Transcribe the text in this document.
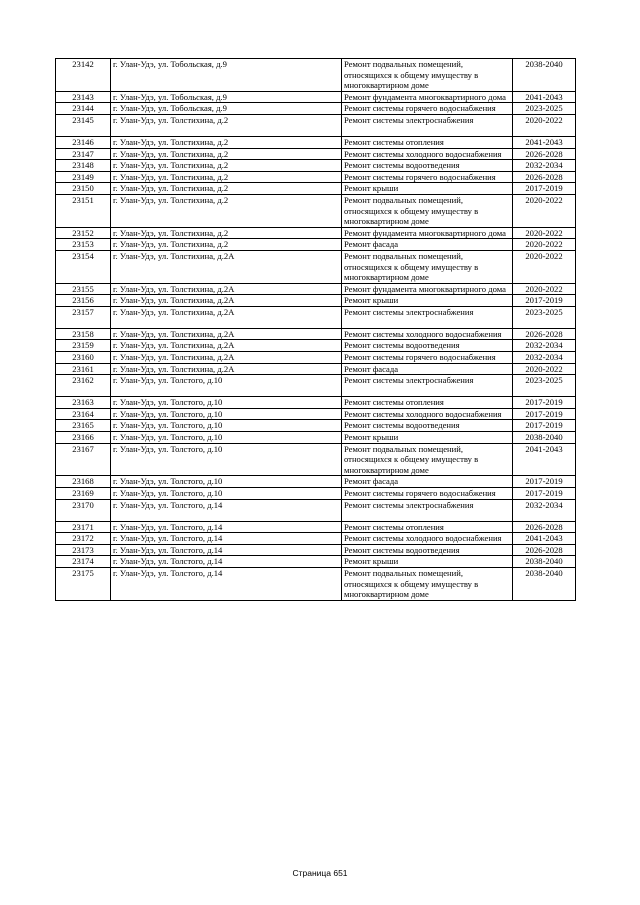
23142	г. Улан-Удэ, ул. Тобольская, д.9	Ремонт подвальных помещений, относящихся к общему имуществу в многоквартирном доме	2038-2040
23143	г. Улан-Удэ, ул. Тобольская, д.9	Ремонт фундамента многоквартирного дома	2041-2043
23144	г. Улан-Удэ, ул. Тобольская, д.9	Ремонт системы горячего водоснабжения	2023-2025
23145	г. Улан-Удэ, ул. Толстихина, д.2	Ремонт системы электроснабжения	2020-2022
23146	г. Улан-Удэ, ул. Толстихина, д.2	Ремонт системы отопления	2041-2043
23147	г. Улан-Удэ, ул. Толстихина, д.2	Ремонт системы холодного водоснабжения	2026-2028
23148	г. Улан-Удэ, ул. Толстихина, д.2	Ремонт системы водоотведения	2032-2034
23149	г. Улан-Удэ, ул. Толстихина, д.2	Ремонт системы горячего водоснабжения	2026-2028
23150	г. Улан-Удэ, ул. Толстихина, д.2	Ремонт крыши	2017-2019
23151	г. Улан-Удэ, ул. Толстихина, д.2	Ремонт подвальных помещений, относящихся к общему имуществу в многоквартирном доме	2020-2022
23152	г. Улан-Удэ, ул. Толстихина, д.2	Ремонт фундамента многоквартирного дома	2020-2022
23153	г. Улан-Удэ, ул. Толстихина, д.2	Ремонт фасада	2020-2022
23154	г. Улан-Удэ, ул. Толстихина, д.2А	Ремонт подвальных помещений, относящихся к общему имуществу в многоквартирном доме	2020-2022
23155	г. Улан-Удэ, ул. Толстихина, д.2А	Ремонт фундамента многоквартирного дома	2020-2022
23156	г. Улан-Удэ, ул. Толстихина, д.2А	Ремонт крыши	2017-2019
23157	г. Улан-Удэ, ул. Толстихина, д.2А	Ремонт системы электроснабжения	2023-2025
23158	г. Улан-Удэ, ул. Толстихина, д.2А	Ремонт системы холодного водоснабжения	2026-2028
23159	г. Улан-Удэ, ул. Толстихина, д.2А	Ремонт системы водоотведения	2032-2034
23160	г. Улан-Удэ, ул. Толстихина, д.2А	Ремонт системы горячего водоснабжения	2032-2034
23161	г. Улан-Удэ, ул. Толстихина, д.2А	Ремонт фасада	2020-2022
23162	г. Улан-Удэ, ул. Толстого, д.10	Ремонт системы электроснабжения	2023-2025
23163	г. Улан-Удэ, ул. Толстого, д.10	Ремонт системы отопления	2017-2019
23164	г. Улан-Удэ, ул. Толстого, д.10	Ремонт системы холодного водоснабжения	2017-2019
23165	г. Улан-Удэ, ул. Толстого, д.10	Ремонт системы водоотведения	2017-2019
23166	г. Улан-Удэ, ул. Толстого, д.10	Ремонт крыши	2038-2040
23167	г. Улан-Удэ, ул. Толстого, д.10	Ремонт подвальных помещений, относящихся к общему имуществу в многоквартирном доме	2041-2043
23168	г. Улан-Удэ, ул. Толстого, д.10	Ремонт фасада	2017-2019
23169	г. Улан-Удэ, ул. Толстого, д.10	Ремонт системы горячего водоснабжения	2017-2019
23170	г. Улан-Удэ, ул. Толстого, д.14	Ремонт системы электроснабжения	2032-2034
23171	г. Улан-Удэ, ул. Толстого, д.14	Ремонт системы отопления	2026-2028
23172	г. Улан-Удэ, ул. Толстого, д.14	Ремонт системы холодного водоснабжения	2041-2043
23173	г. Улан-Удэ, ул. Толстого, д.14	Ремонт системы водоотведения	2026-2028
23174	г. Улан-Удэ, ул. Толстого, д.14	Ремонт крыши	2038-2040
23175	г. Улан-Удэ, ул. Толстого, д.14	Ремонт подвальных помещений, относящихся к общему имуществу в многоквартирном доме	2038-2040
Страница 651
